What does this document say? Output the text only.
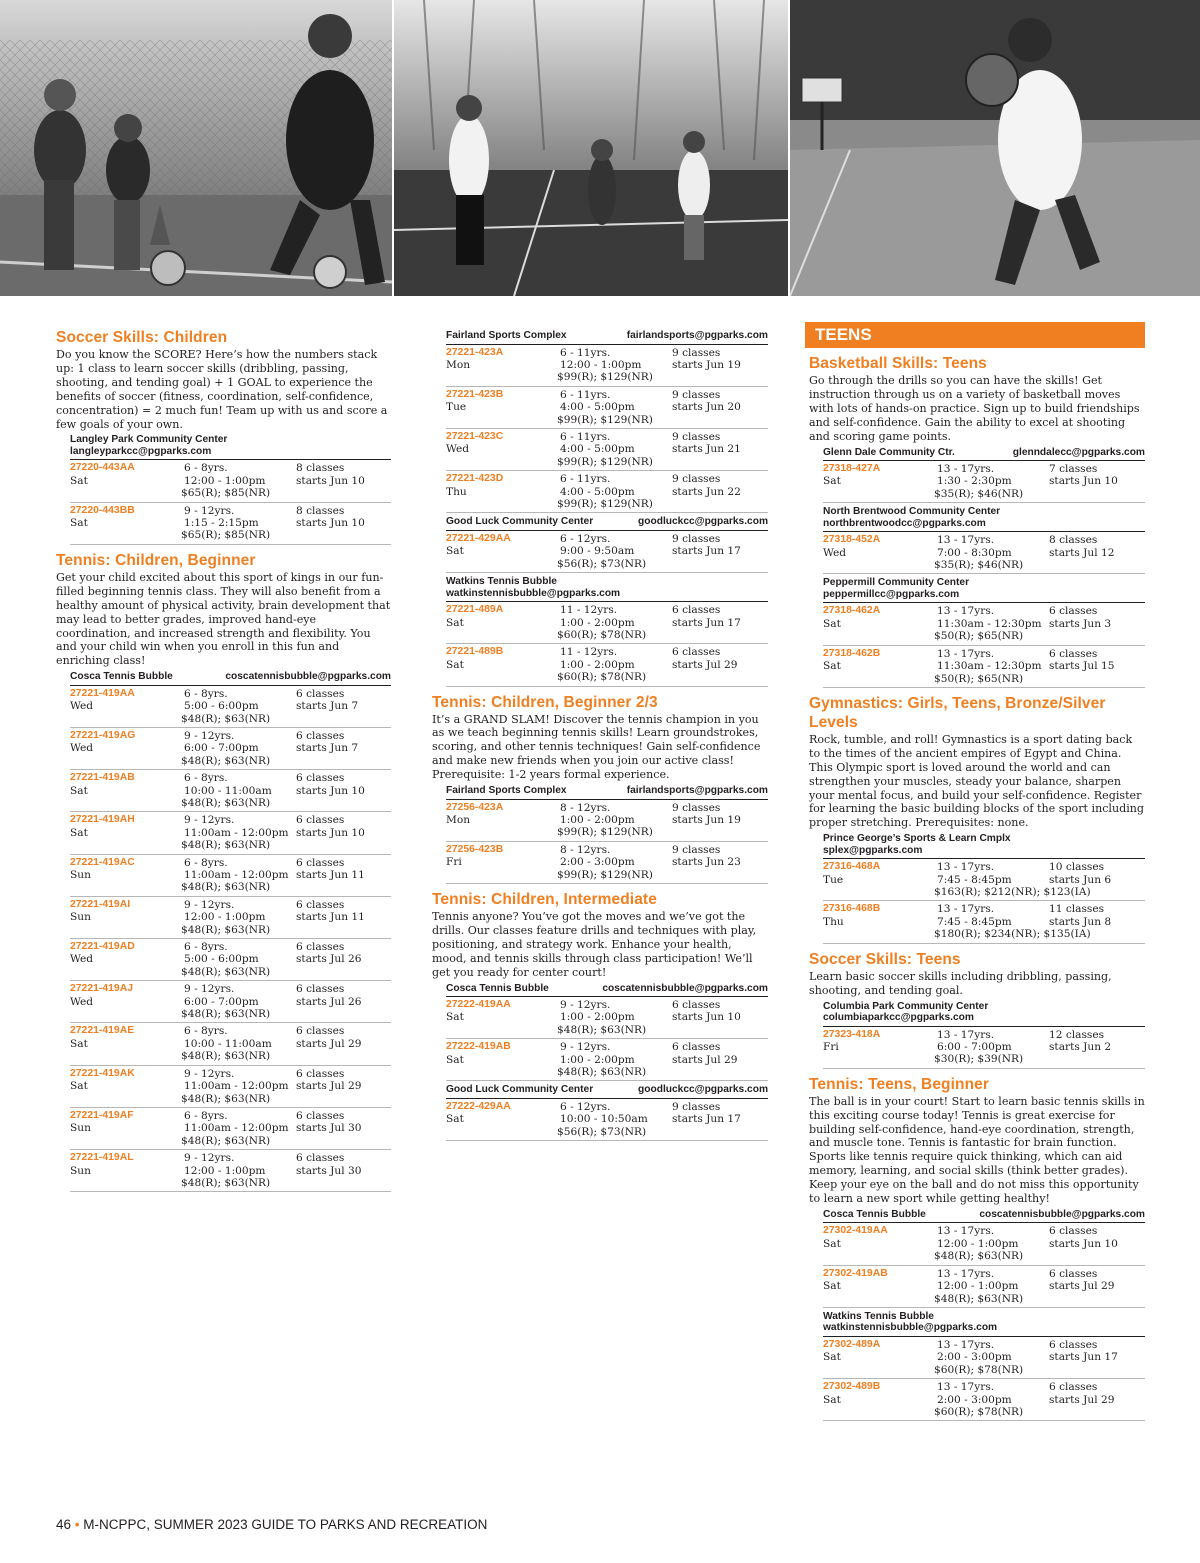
Soccer Skills: Children
Do you know the SCORE? Here’s how the numbers stack up: 1 class to learn soccer skills (dribbling, passing, shooting, and tending goal) + 1 GOAL to experience the benefits of soccer (fitness, coordination, self-confidence, concentration) = 2 much fun! Team up with us and score a few goals of your own.
Langley Park Community Center
langleyparkcc@pgparks.com
27220-443AA	6 - 8yrs.	8 classes
Sat	12:00 - 1:00pm	starts Jun 10
$65(R); $85(NR)
27220-443BB	9 - 12yrs.	8 classes
Sat	1:15 - 2:15pm	starts Jun 10
$65(R); $85(NR)
Tennis: Children, Beginner
Get your child excited about this sport of kings in our fun-filled beginning tennis class. They will also benefit from a healthy amount of physical activity, brain development that may lead to better grades, improved hand-eye coordination, and increased strength and flexibility. You and your child win when you enroll in this fun and enriching class!
Cosca Tennis Bubble	coscatennisbubble@pgparks.com
27221-419AA	6 - 8yrs.	6 classes
Wed	5:00 - 6:00pm	starts Jun 7
$48(R); $63(NR)
27221-419AG	9 - 12yrs.	6 classes
Wed	6:00 - 7:00pm	starts Jun 7
$48(R); $63(NR)
27221-419AB	6 - 8yrs.	6 classes
Sat	10:00 - 11:00am	starts Jun 10
$48(R); $63(NR)
27221-419AH	9 - 12yrs.	6 classes
Sat	11:00am - 12:00pm starts Jun 10
$48(R); $63(NR)
27221-419AC	6 - 8yrs.	6 classes
Sun	11:00am - 12:00pm starts Jun 11
$48(R); $63(NR)
27221-419AI	9 - 12yrs.	6 classes
Sun	12:00 - 1:00pm	starts Jun 11
$48(R); $63(NR)
27221-419AD	6 - 8yrs.	6 classes
Wed	5:00 - 6:00pm	starts Jul 26
$48(R); $63(NR)
27221-419AJ	9 - 12yrs.	6 classes
Wed	6:00 - 7:00pm	starts Jul 26
$48(R); $63(NR)
27221-419AE	6 - 8yrs.	6 classes
Sat	10:00 - 11:00am	starts Jul 29
$48(R); $63(NR)
27221-419AK	9 - 12yrs.	6 classes
Sat	11:00am - 12:00pm starts Jul 29
$48(R); $63(NR)
27221-419AF	6 - 8yrs.	6 classes
Sun	11:00am - 12:00pm starts Jul 30
$48(R); $63(NR)
27221-419AL	9 - 12yrs.	6 classes
Sun	12:00 - 1:00pm	starts Jul 30
$48(R); $63(NR)
Fairland Sports Complex	fairlandsports@pgparks.com
27221-423A	6 - 11yrs.	9 classes
Mon	12:00 - 1:00pm	starts Jun 19
$99(R); $129(NR)
27221-423B	6 - 11yrs.	9 classes
Tue	4:00 - 5:00pm	starts Jun 20
$99(R); $129(NR)
27221-423C	6 - 11yrs.	9 classes
Wed	4:00 - 5:00pm	starts Jun 21
$99(R); $129(NR)
27221-423D	6 - 11yrs.	9 classes
Thu	4:00 - 5:00pm	starts Jun 22
$99(R); $129(NR)
Good Luck Community Center	goodluckcc@pgparks.com
27221-429AA	6 - 12yrs.	9 classes
Sat	9:00 - 9:50am	starts Jun 17
$56(R); $73(NR)
Watkins Tennis Bubble
watkinstennisbubble@pgparks.com
27221-489A	11 - 12yrs.	6 classes
Sat	1:00 - 2:00pm	starts Jun 17
$60(R); $78(NR)
27221-489B	11 - 12yrs.	6 classes
Sat	1:00 - 2:00pm	starts Jul 29
$60(R); $78(NR)
Tennis: Children, Beginner 2/3
It’s a GRAND SLAM! Discover the tennis champion in you as we teach beginning tennis skills! Learn groundstrokes, scoring, and other tennis techniques! Gain self-confidence and make new friends when you join our active class! Prerequisite: 1-2 years formal experience.
Fairland Sports Complex	fairlandsports@pgparks.com
27256-423A	8 - 12yrs.	9 classes
Mon	1:00 - 2:00pm	starts Jun 19
$99(R); $129(NR)
27256-423B	8 - 12yrs.	9 classes
Fri	2:00 - 3:00pm	starts Jun 23
$99(R); $129(NR)
Tennis: Children, Intermediate
Tennis anyone? You’ve got the moves and we’ve got the drills. Our classes feature drills and techniques with play, positioning, and strategy work. Enhance your health, mood, and tennis skills through class participation! We’ll get you ready for center court!
Cosca Tennis Bubble	coscatennisbubble@pgparks.com
27222-419AA	9 - 12yrs.	6 classes
Sat	1:00 - 2:00pm	starts Jun 10
$48(R); $63(NR)
27222-419AB	9 - 12yrs.	6 classes
Sat	1:00 - 2:00pm	starts Jul 29
$48(R); $63(NR)
Good Luck Community Center	goodluckcc@pgparks.com
27222-429AA	6 - 12yrs.	9 classes
Sat	10:00 - 10:50am	starts Jun 17
$56(R); $73(NR)
TEENS
Basketball Skills: Teens
Go through the drills so you can have the skills! Get instruction through us on a variety of basketball moves with lots of hands-on practice. Sign up to build friendships and self-confidence. Gain the ability to excel at shooting and scoring game points.
Glenn Dale Community Ctr.	glenndalecc@pgparks.com
27318-427A	13 - 17yrs.	7 classes
Sat	1:30 - 2:30pm	starts Jun 10
$35(R); $46(NR)
North Brentwood Community Center
northbrentwoodcc@pgparks.com
27318-452A	13 - 17yrs.	8 classes
Wed	7:00 - 8:30pm	starts Jul 12
$35(R); $46(NR)
Peppermill Community Center
peppermillcc@pgparks.com
27318-462A	13 - 17yrs.	6 classes
Sat	11:30am - 12:30pm starts Jun 3
$50(R); $65(NR)
27318-462B	13 - 17yrs.	6 classes
Sat	11:30am - 12:30pm starts Jul 15
$50(R); $65(NR)
Gymnastics: Girls, Teens, Bronze/Silver Levels
Rock, tumble, and roll! Gymnastics is a sport dating back to the times of the ancient empires of Egypt and China. This Olympic sport is loved around the world and can strengthen your muscles, steady your balance, sharpen your mental focus, and build your self-confidence. Register for learning the basic building blocks of the sport including proper stretching. Prerequisites: none.
Prince George’s Sports & Learn Cmplx
splex@pgparks.com
27316-468A	13 - 17yrs.	10 classes
Tue	7:45 - 8:45pm	starts Jun 6
$163(R); $212(NR); $123(IA)
27316-468B	13 - 17yrs.	11 classes
Thu	7:45 - 8:45pm	starts Jun 8
$180(R); $234(NR); $135(IA)
Soccer Skills: Teens
Learn basic soccer skills including dribbling, passing, shooting, and tending goal.
Columbia Park Community Center
columbiaparkcc@pgparks.com
27323-418A	13 - 17yrs.	12 classes
Fri	6:00 - 7:00pm	starts Jun 2
$30(R); $39(NR)
Tennis: Teens, Beginner
The ball is in your court! Start to learn basic tennis skills in this exciting course today! Tennis is great exercise for building self-confidence, hand-eye coordination, strength, and muscle tone. Tennis is fantastic for brain function. Sports like tennis require quick thinking, which can aid memory, learning, and social skills (think better grades). Keep your eye on the ball and do not miss this opportunity to learn a new sport while getting healthy!
Cosca Tennis Bubble	coscatennisbubble@pgparks.com
27302-419AA	13 - 17yrs.	6 classes
Sat	12:00 - 1:00pm	starts Jun 10
$48(R); $63(NR)
27302-419AB	13 - 17yrs.	6 classes
Sat	12:00 - 1:00pm	starts Jul 29
$48(R); $63(NR)
Watkins Tennis Bubble
watkinstennisbubble@pgparks.com
27302-489A	13 - 17yrs.	6 classes
Sat	2:00 - 3:00pm	starts Jun 17
$60(R); $78(NR)
27302-489B	13 - 17yrs.	6 classes
Sat	2:00 - 3:00pm	starts Jul 29
$60(R); $78(NR)
46 • M-NCPPC, SUMMER 2023 GUIDE TO PARKS AND RECREATION
